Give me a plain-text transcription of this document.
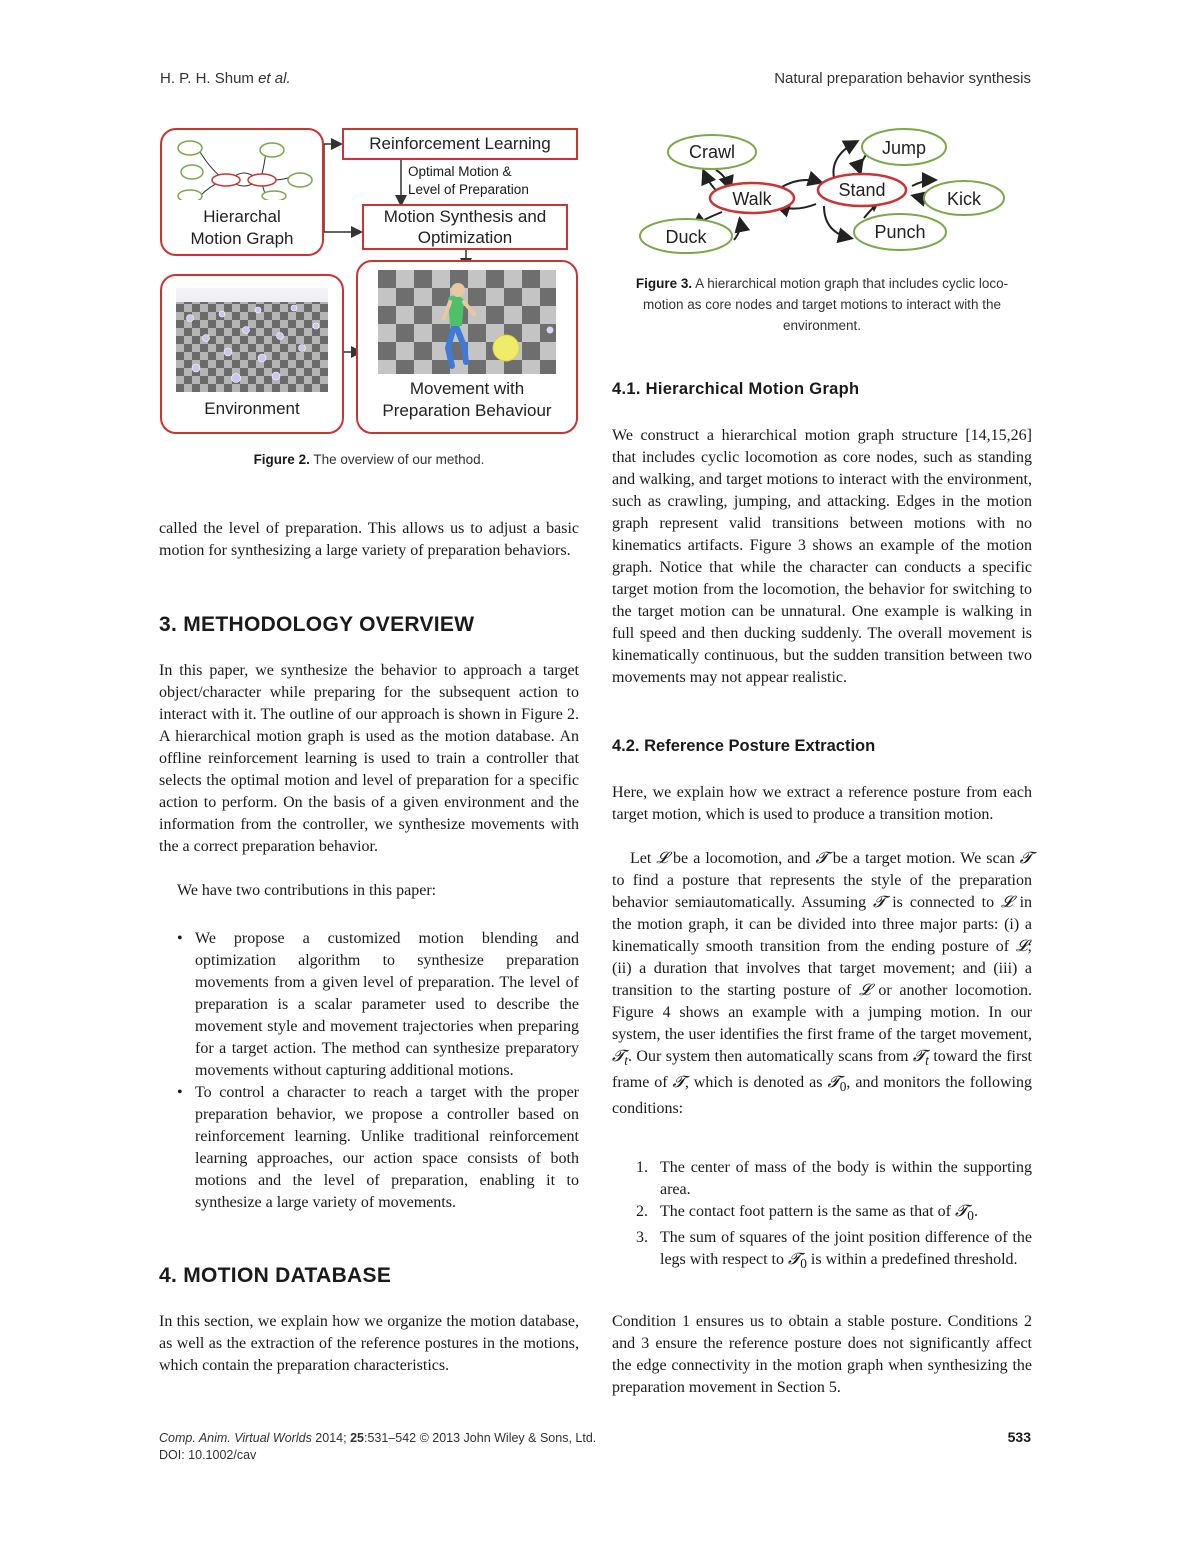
H. P. H. Shum et al.	Natural preparation behavior synthesis
Hierarchal
Motion Graph
Reinforcement Learning
Optimal Motion &
Level of Preparation
Motion Synthesis and
Optimization
Environment
Movement with
Preparation Behaviour
Figure 2. The overview of our method.
Crawl
Walk
Duck
Stand
Jump
Kick
Punch
Figure 3. A hierarchical motion graph that includes cyclic loco-
motion as core nodes and target motions to interact with the
environment.
called the level of preparation. This allows us to adjust a basic motion for synthesizing a large variety of preparation behaviors.
3. METHODOLOGY OVERVIEW
In this paper, we synthesize the behavior to approach a target object/character while preparing for the subsequent action to interact with it. The outline of our approach is shown in Figure 2. A hierarchical motion graph is used as the motion database. An offline reinforcement learning is used to train a controller that selects the optimal motion and level of preparation for a specific action to perform. On the basis of a given environment and the information from the controller, we synthesize movements with the a correct preparation behavior.
We have two contributions in this paper:
• We propose a customized motion blending and optimization algorithm to synthesize preparation movements from a given level of preparation. The level of preparation is a scalar parameter used to describe the movement style and movement trajectories when preparing for a target action. The method can synthesize preparatory movements without capturing additional motions.
• To control a character to reach a target with the proper preparation behavior, we propose a controller based on reinforcement learning. Unlike traditional reinforcement learning approaches, our action space consists of both motions and the level of preparation, enabling it to synthesize a large variety of movements.
4. MOTION DATABASE
In this section, we explain how we organize the motion database, as well as the extraction of the reference postures in the motions, which contain the preparation characteristics.
4.1. Hierarchical Motion Graph
We construct a hierarchical motion graph structure [14,15,26] that includes cyclic locomotion as core nodes, such as standing and walking, and target motions to interact with the environment, such as crawling, jumping, and attacking. Edges in the motion graph represent valid transitions between motions with no kinematics artifacts. Figure 3 shows an example of the motion graph. Notice that while the character can conducts a specific target motion from the locomotion, the behavior for switching to the target motion can be unnatural. One example is walking in full speed and then ducking suddenly. The overall movement is kinematically continuous, but the sudden transition between two movements may not appear realistic.
4.2. Reference Posture Extraction
Here, we explain how we extract a reference posture from each target motion, which is used to produce a transition motion.
Let 𝓛 be a locomotion, and 𝓣 be a target motion. We scan 𝓣 to find a posture that represents the style of the preparation behavior semiautomatically. Assuming 𝓣 is connected to 𝓛 in the motion graph, it can be divided into three major parts: (i) a kinematically smooth transition from the ending posture of 𝓛; (ii) a duration that involves that target movement; and (iii) a transition to the starting posture of 𝓛 or another locomotion. Figure 4 shows an example with a jumping motion. In our system, the user identifies the first frame of the target movement, 𝓣$_t$. Our system then automatically scans from 𝓣$_t$ toward the first frame of 𝓣, which is denoted as 𝓣$_0$, and monitors the following conditions:
1. The center of mass of the body is within the supporting area.
2. The contact foot pattern is the same as that of 𝓣$_0$.
3. The sum of squares of the joint position difference of the legs with respect to 𝓣$_0$ is within a predefined threshold.
Condition 1 ensures us to obtain a stable posture. Conditions 2 and 3 ensure the reference posture does not significantly affect the edge connectivity in the motion graph when synthesizing the preparation movement in Section 5.
Comp. Anim. Virtual Worlds 2014; 25:531–542 © 2013 John Wiley & Sons, Ltd.
DOI: 10.1002/cav
533
